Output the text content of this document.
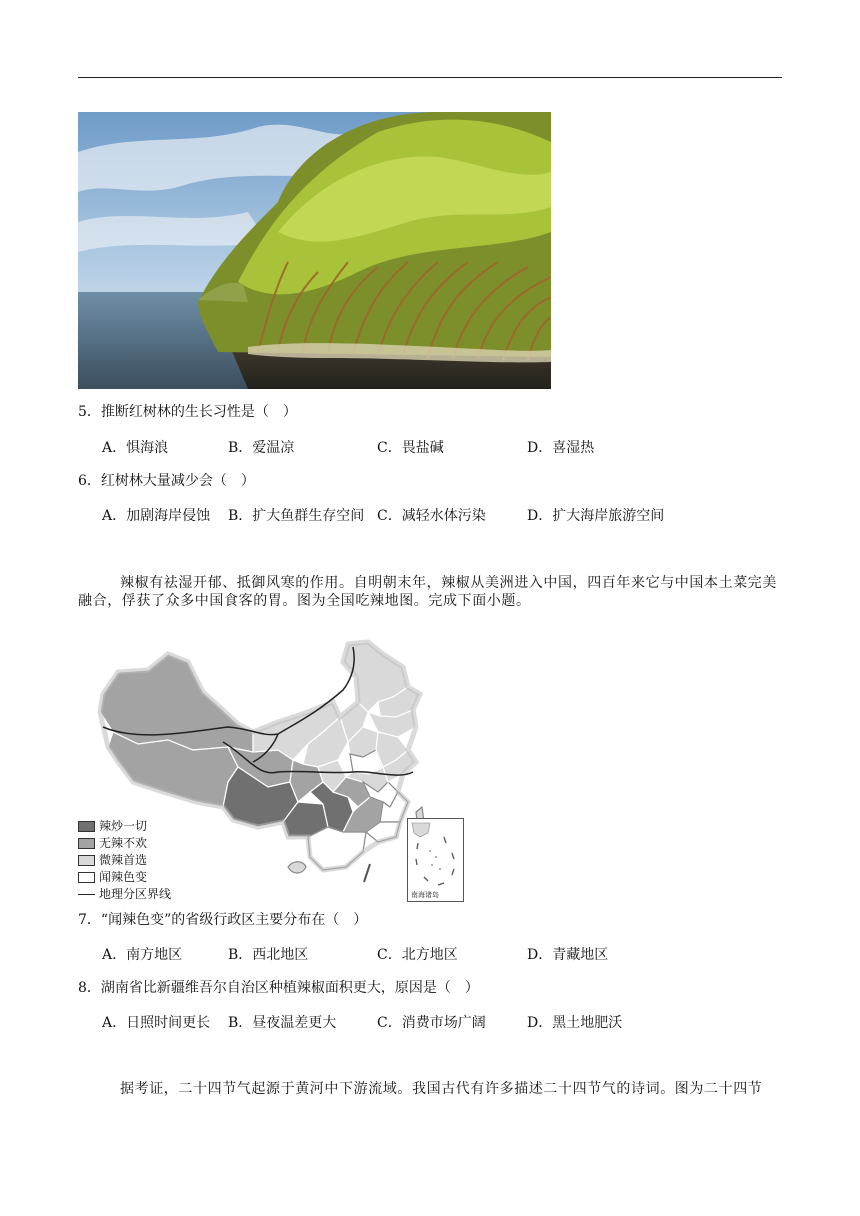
5．推断红树林的生长习性是（　）
A．惧海浪	B．爱温凉	C．畏盐碱	D．喜湿热
6．红树林大量减少会（　）
A．加剧海岸侵蚀 B．扩大鱼群生存空间 C．减轻水体污染	D．扩大海岸旅游空间
辣椒有祛湿开郁、抵御风寒的作用。自明朝末年，辣椒从美洲进入中国，四百年来它与中国本土菜完美融合，俘获了众多中国食客的胃。图为全国吃辣地图。完成下面小题。
辣炒一切
无辣不欢
微辣首选
闻辣色变
地理分区界线	南海诸岛
7．“闻辣色变”的省级行政区主要分布在（　）
A．南方地区	B．西北地区	C．北方地区	D．青藏地区
8．湖南省比新疆维吾尔自治区种植辣椒面积更大，原因是（　）
A．日照时间更长 B．昼夜温差更大	C．消费市场广阔	D．黑土地肥沃
据考证，二十四节气起源于黄河中下游流域。我国古代有许多描述二十四节气的诗词。图为二十四节
